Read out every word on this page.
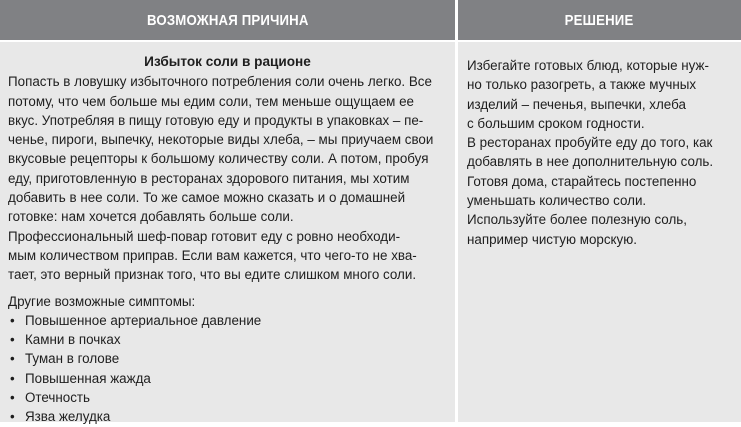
ВОЗМОЖНАЯ ПРИЧИНА	РЕШЕНИЕ
Избыток соли в рационе

Попасть в ловушку избыточного потребления соли очень легко. Все

потому, что чем больше мы едим соли, тем меньше ощущаем ее

вкус. Употребляя в пищу готовую еду и продукты в упаковках – пе-

ченье, пироги, выпечку, некоторые виды хлеба, – мы приучаем свои

вкусовые рецепторы к большому количеству соли. А потом, пробуя

еду, приготовленную в ресторанах здорового питания, мы хотим

добавить в нее соли. То же самое можно сказать и о домашней

готовке: нам хочется добавлять больше соли.

Профессиональный шеф-повар готовит еду с ровно необходи-

мым количеством приправ. Если вам кажется, что чего-то не хва-

тает, это верный признак того, что вы едите слишком много соли.

Другие возможные симптомы:

• Повышенное артериальное давление
• Камни в почках
• Туман в голове
• Повышенная жажда
• Отечность
• Язва желудка

Избегайте готовых блюд, которые нуж-

но только разогреть, а также мучных

изделий – печенья, выпечки, хлеба

с большим сроком годности.

В ресторанах пробуйте еду до того, как

добавлять в нее дополнительную соль.

Готовя дома, старайтесь постепенно

уменьшать количество соли.

Используйте более полезную соль,

например чистую морскую.
